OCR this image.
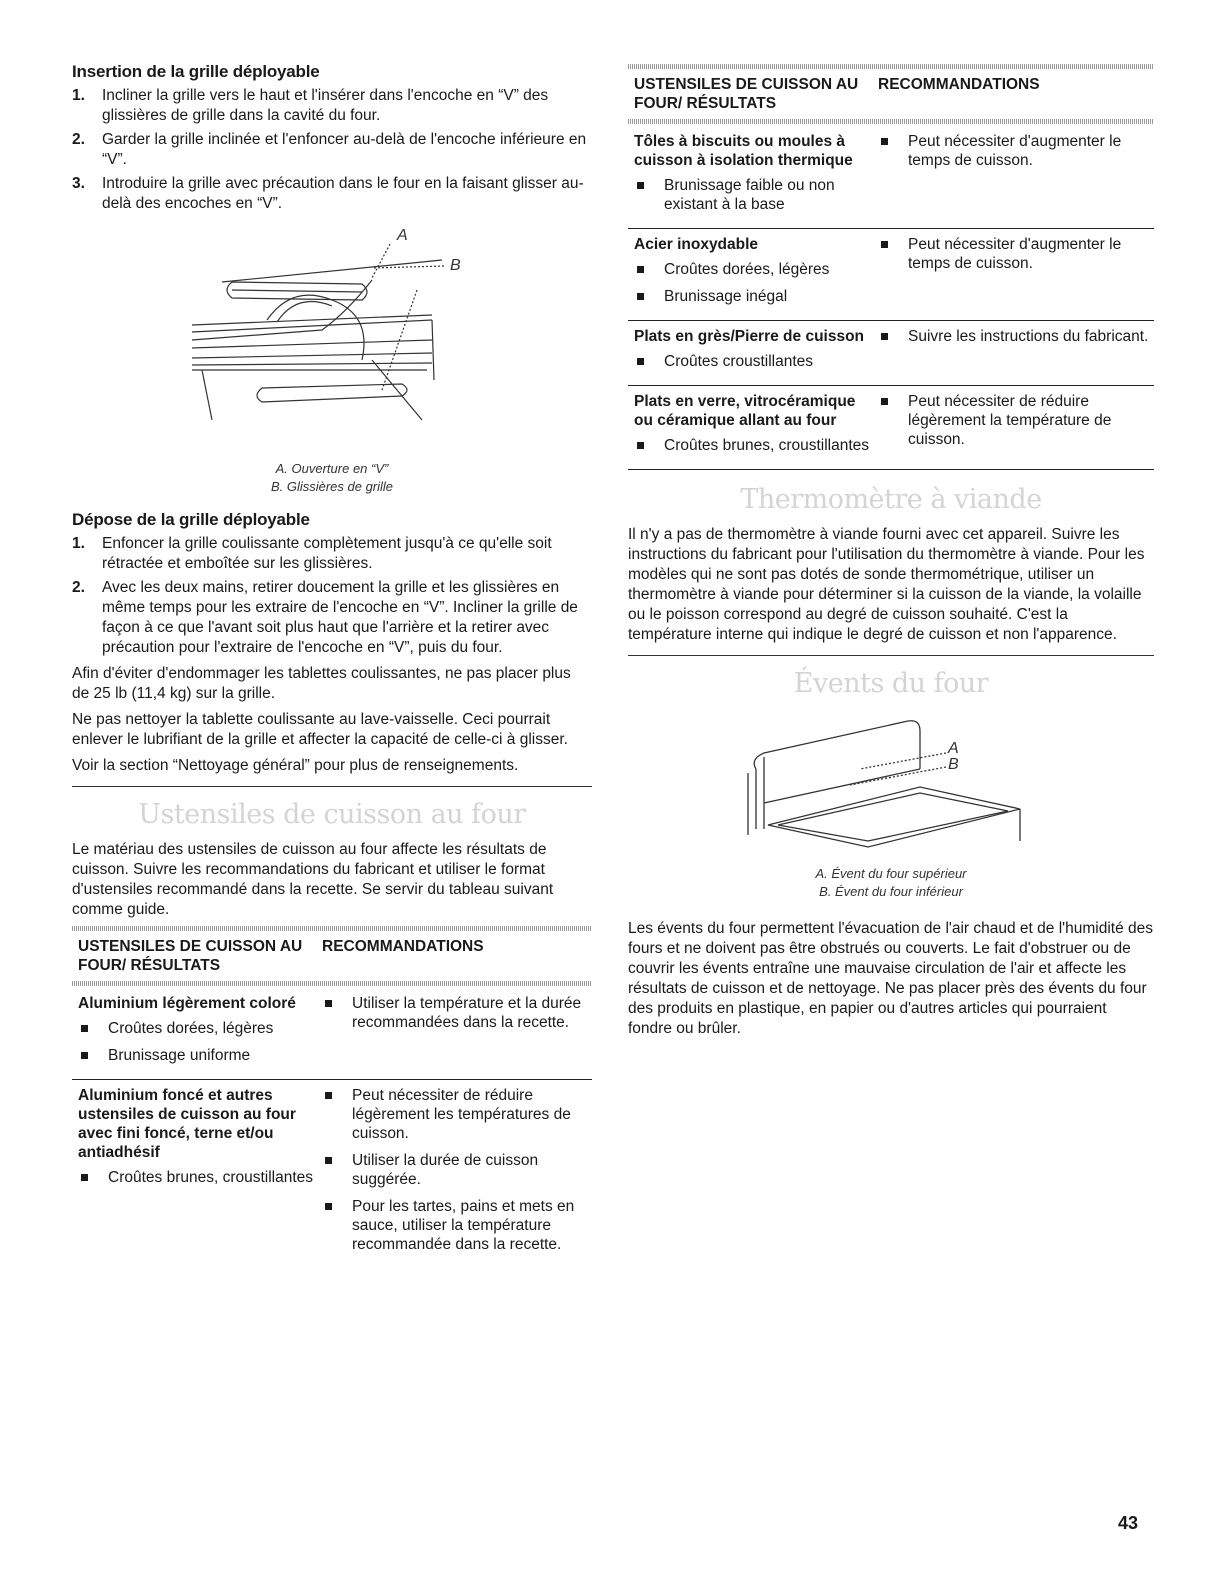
Insertion de la grille déployable
1. Incliner la grille vers le haut et l'insérer dans l'encoche en “V” des glissières de grille dans la cavité du four.
2. Garder la grille inclinée et l'enfoncer au-delà de l'encoche inférieure en “V”.
3. Introduire la grille avec précaution dans le four en la faisant glisser au-delà des encoches en “V”.
A
B
A. Ouverture en “V”
B. Glissières de grille
Dépose de la grille déployable
1. Enfoncer la grille coulissante complètement jusqu'à ce qu'elle soit rétractée et emboîtée sur les glissières.
2. Avec les deux mains, retirer doucement la grille et les glissières en même temps pour les extraire de l'encoche en “V”. Incliner la grille de façon à ce que l'avant soit plus haut que l'arrière et la retirer avec précaution pour l'extraire de l'encoche en “V”, puis du four.

Afin d'éviter d'endommager les tablettes coulissantes, ne pas placer plus de 25 lb (11,4 kg) sur la grille.

Ne pas nettoyer la tablette coulissante au lave-vaisselle. Ceci pourrait enlever le lubrifiant de la grille et affecter la capacité de celle-ci à glisser.

Voir la section “Nettoyage général” pour plus de renseignements.

Ustensiles de cuisson au four

Le matériau des ustensiles de cuisson au four affecte les résultats de cuisson. Suivre les recommandations du fabricant et utiliser le format d'ustensiles recommandé dans la recette. Se servir du tableau suivant comme guide.

USTENSILES DE CUISSON AU FOUR/ RÉSULTATS
RECOMMANDATIONS
Aluminium légèrement coloré
Croûtes dorées, légères
Brunissage uniforme
Utiliser la température et la durée recommandées dans la recette.
Aluminium foncé et autres ustensiles de cuisson au four avec fini foncé, terne et/ou antiadhésif
Croûtes brunes, croustillantes
Peut nécessiter de réduire légèrement les températures de cuisson.
Utiliser la durée de cuisson suggérée.
Pour les tartes, pains et mets en sauce, utiliser la température recommandée dans la recette.
USTENSILES DE CUISSON AU FOUR/ RÉSULTATS
RECOMMANDATIONS
Tôles à biscuits ou moules à cuisson à isolation thermique
Brunissage faible ou non existant à la base
Peut nécessiter d'augmenter le temps de cuisson.
Acier inoxydable
Croûtes dorées, légères
Brunissage inégal
Peut nécessiter d'augmenter le temps de cuisson.
Plats en grès/Pierre de cuisson
Croûtes croustillantes
Suivre les instructions du fabricant.
Plats en verre, vitrocéramique ou céramique allant au four
Croûtes brunes, croustillantes
Peut nécessiter de réduire légèrement la température de cuisson.
Thermomètre à viande

Il n'y a pas de thermomètre à viande fourni avec cet appareil. Suivre les instructions du fabricant pour l'utilisation du thermomètre à viande. Pour les modèles qui ne sont pas dotés de sonde thermométrique, utiliser un thermomètre à viande pour déterminer si la cuisson de la viande, la volaille ou le poisson correspond au degré de cuisson souhaité. C'est la température interne qui indique le degré de cuisson et non l'apparence.

Évents du four
A
B
A. Évent du four supérieur
B. Évent du four inférieur

Les évents du four permettent l'évacuation de l'air chaud et de l'humidité des fours et ne doivent pas être obstrués ou couverts. Le fait d'obstruer ou de couvrir les évents entraîne une mauvaise circulation de l'air et affecte les résultats de cuisson et de nettoyage. Ne pas placer près des évents du four des produits en plastique, en papier ou d'autres articles qui pourraient fondre ou brûler.

43
